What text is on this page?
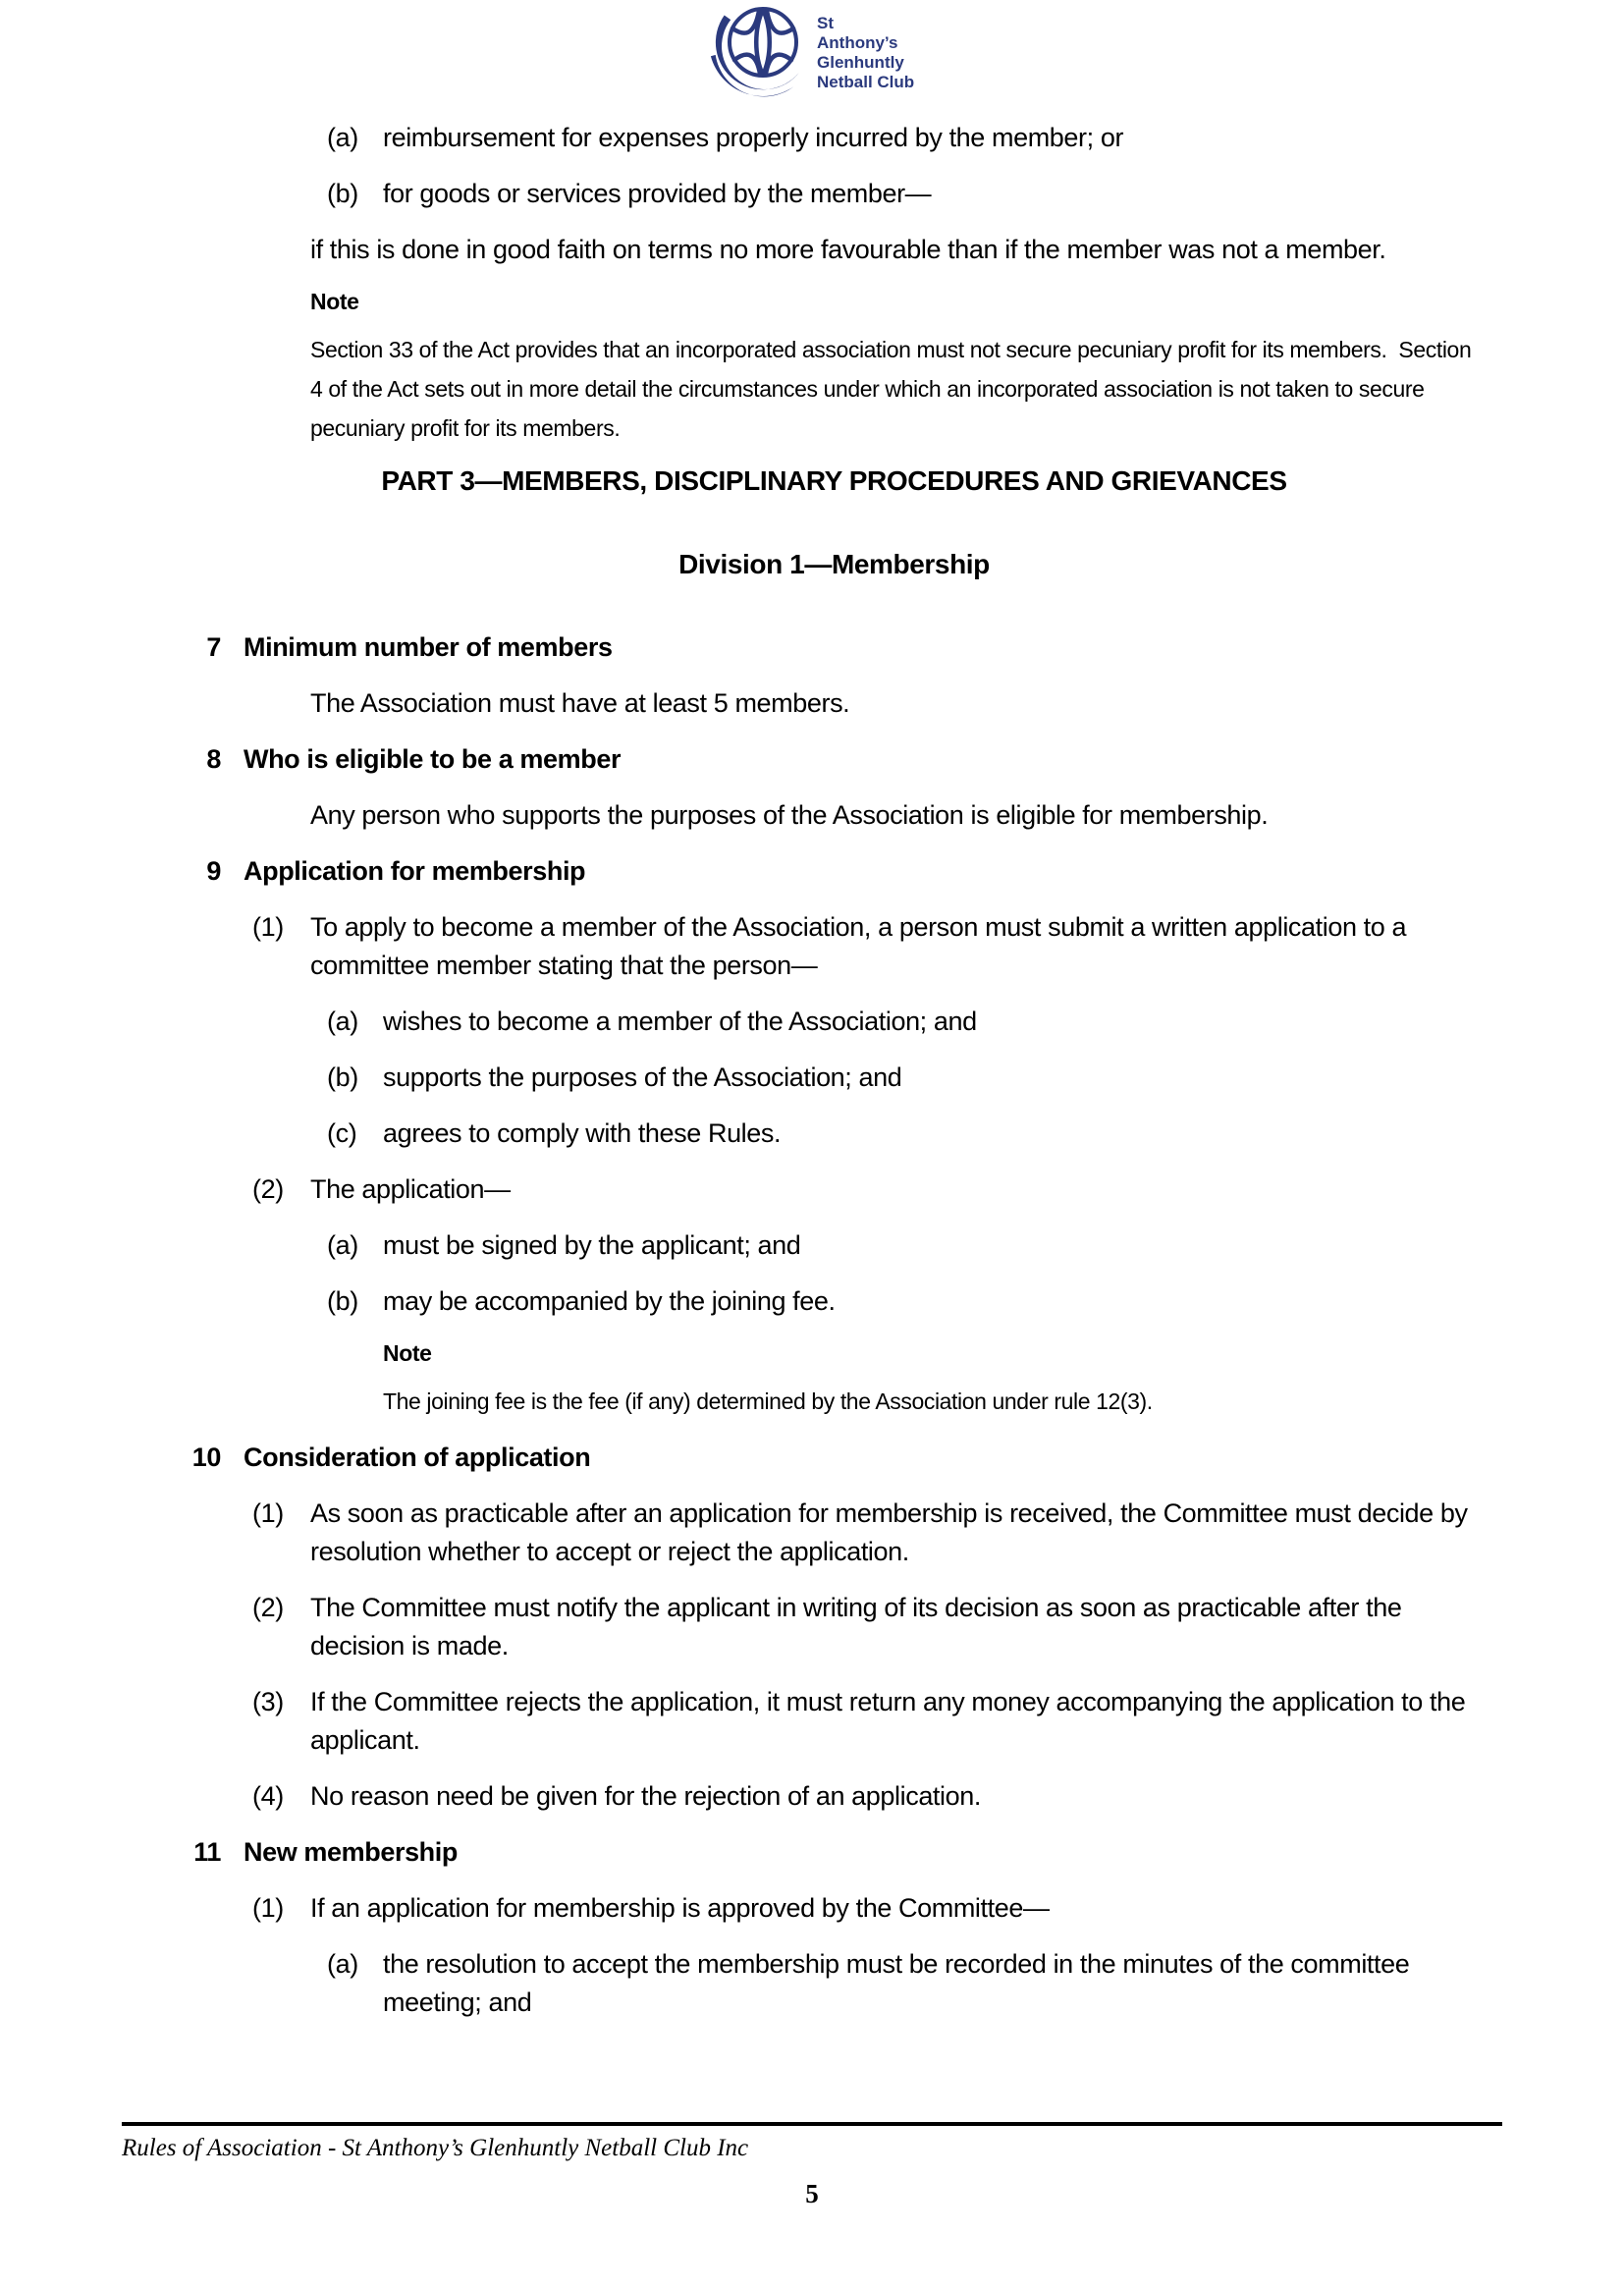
St Anthony’s
Glenhuntly
Netball Club
(a) reimbursement for expenses properly incurred by the member; or
(b) for goods or services provided by the member—

if this is done in good faith on terms no more favourable than if the member was not a member.

Note

Section 33 of the Act provides that an incorporated association must not secure pecuniary profit for its members.  Section 4 of the Act sets out in more detail the circumstances under which an incorporated association is not taken to secure pecuniary profit for its members.

PART 3—MEMBERS, DISCIPLINARY PROCEDURES AND GRIEVANCES
Division 1—Membership
7 Minimum number of members

The Association must have at least 5 members.

8 Who is eligible to be a member

Any person who supports the purposes of the Association is eligible for membership.

9 Application for membership
(1)	To apply to become a member of the Association, a person must submit a written application to a committee member stating that the person—
(a) wishes to become a member of the Association; and
(b) supports the purposes of the Association; and
(c) agrees to comply with these Rules.
(2)	The application—
(a) must be signed by the applicant; and
(b) may be accompanied by the joining fee.
Note

The joining fee is the fee (if any) determined by the Association under rule 12(3).

10 Consideration of application
(1)	As soon as practicable after an application for membership is received, the Committee must decide by resolution whether to accept or reject the application.
(2)	The Committee must notify the applicant in writing of its decision as soon as practicable after the decision is made.
(3)	If the Committee rejects the application, it must return any money accompanying the application to the applicant.
(4)	No reason need be given for the rejection of an application.
11 New membership
(1)	If an application for membership is approved by the Committee—
(a) the resolution to accept the membership must be recorded in the minutes of the committee meeting; and
Rules of Association - St Anthony’s Glenhuntly Netball Club Inc
5
